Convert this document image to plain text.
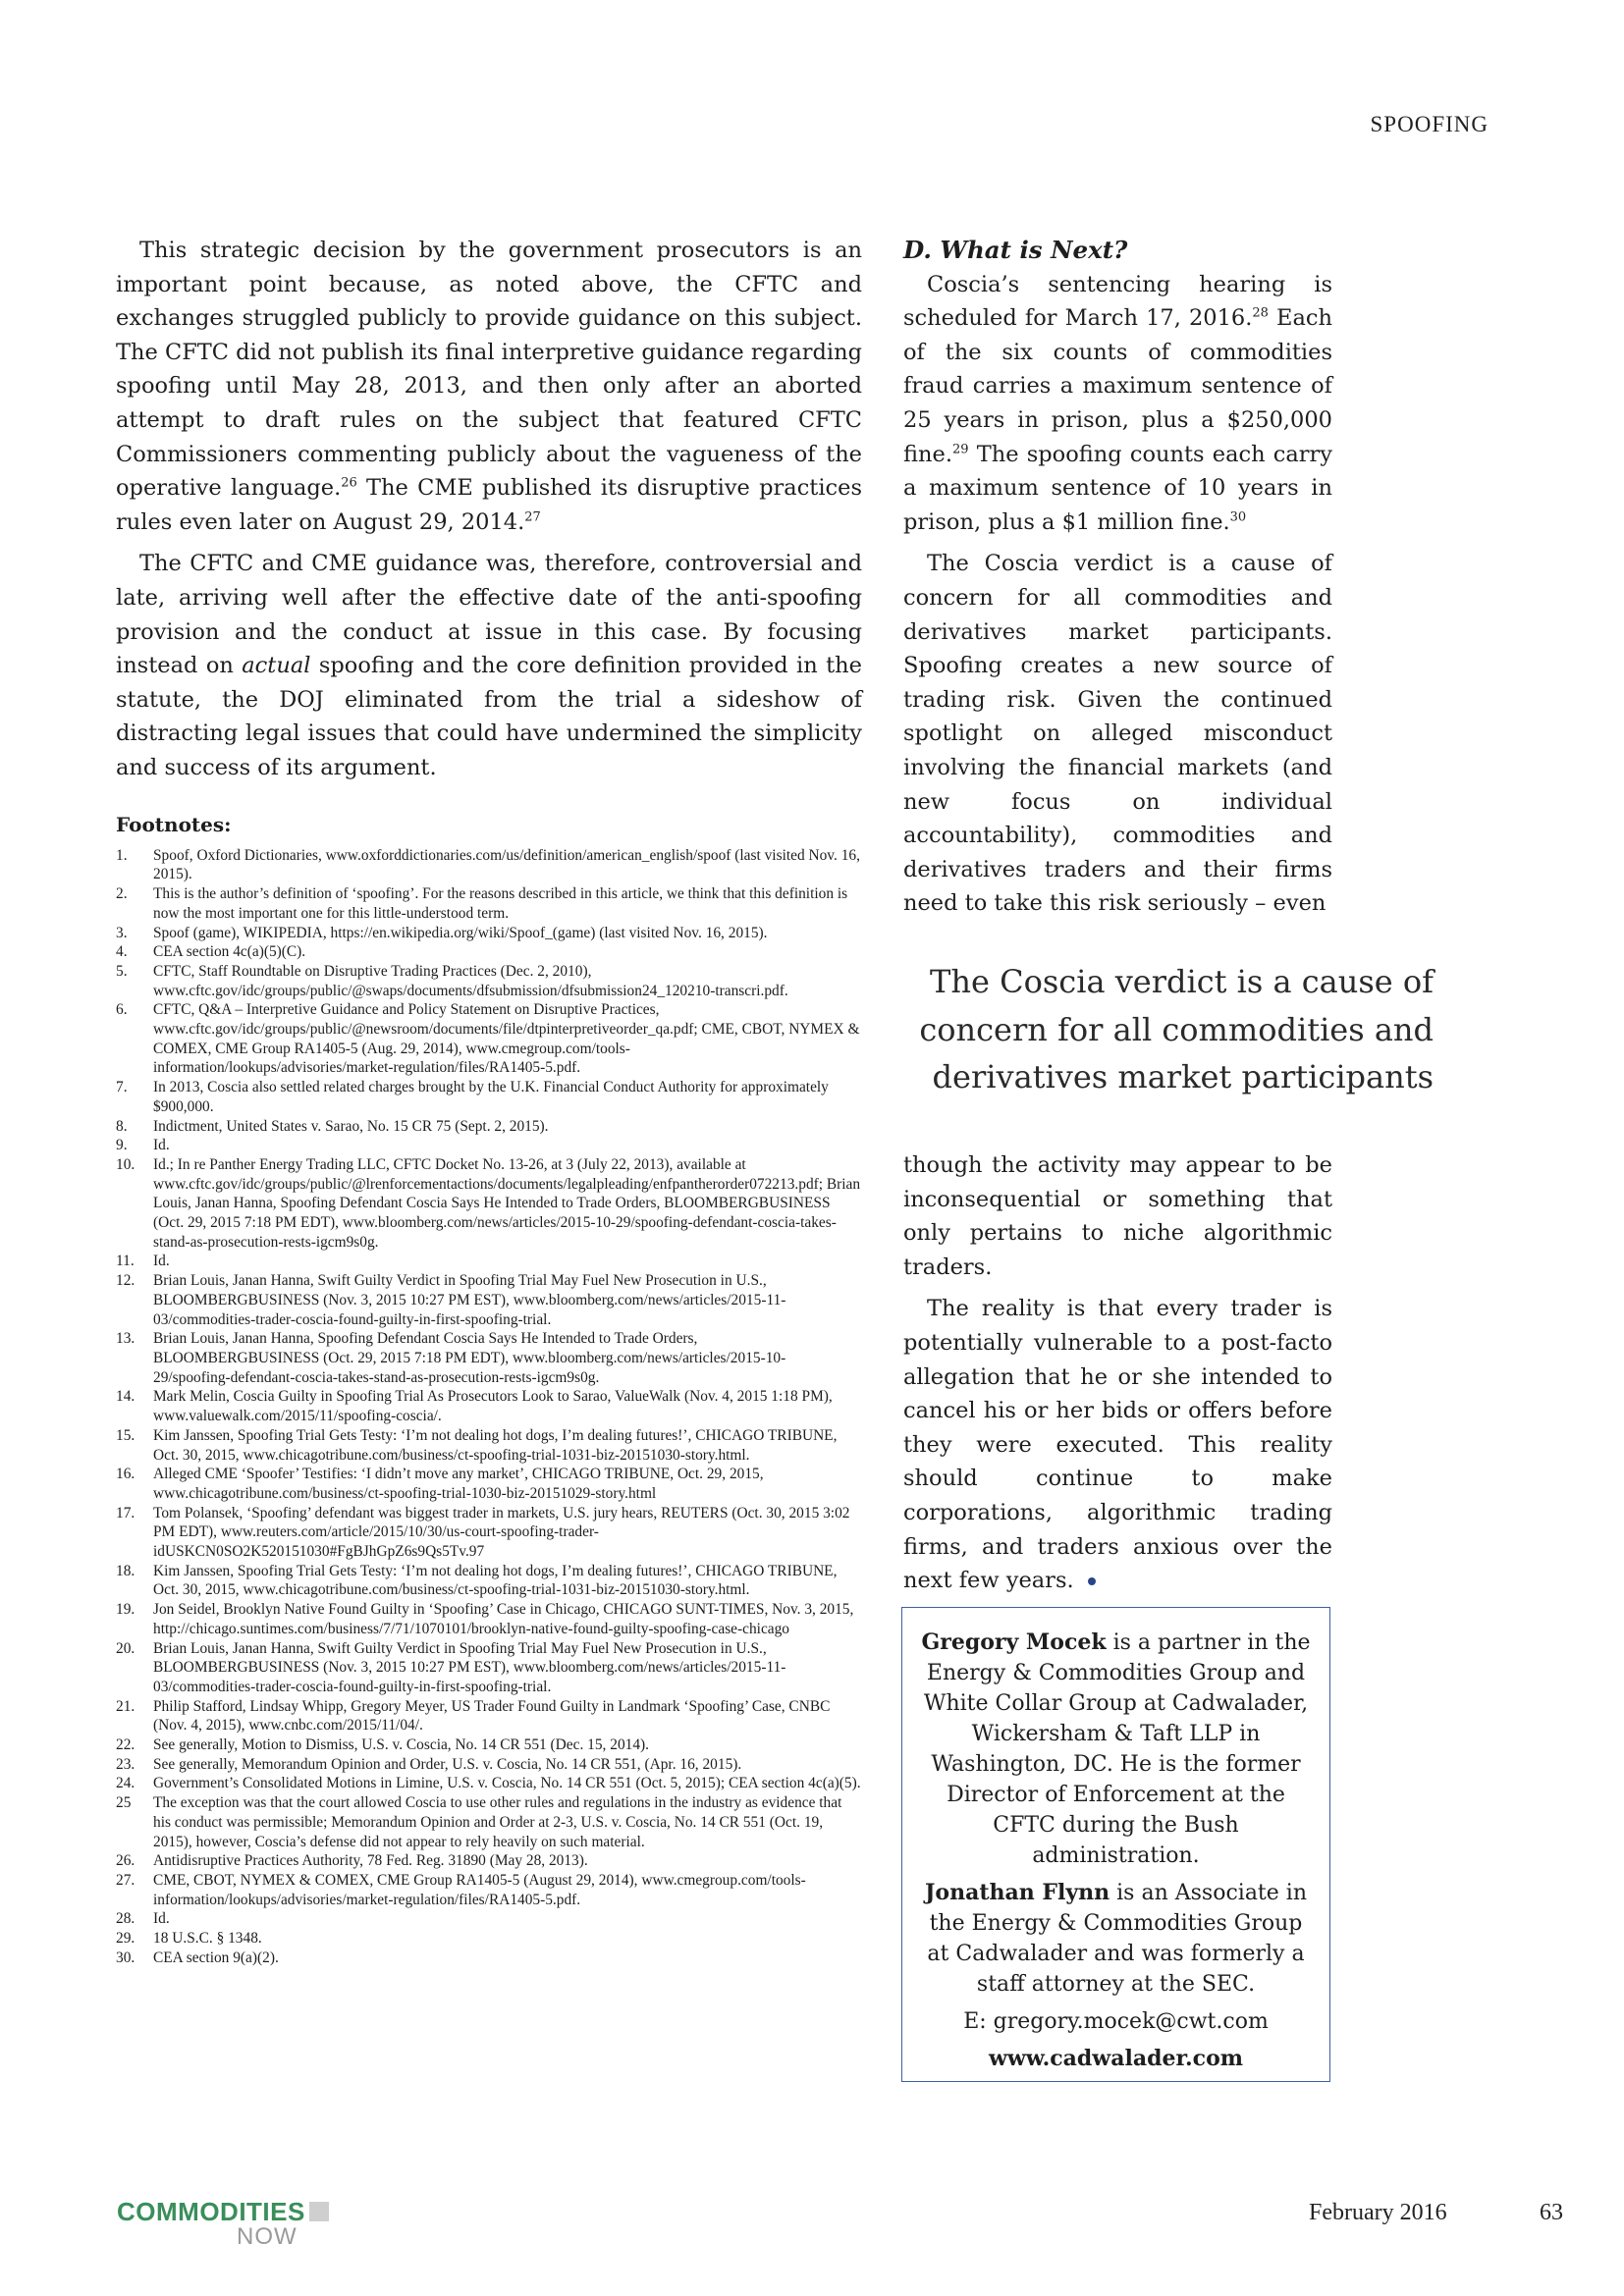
SPOOFING

This strategic decision by the government prosecutors is an important point because, as noted above, the CFTC and exchanges struggled publicly to provide guidance on this subject. The CFTC did not publish its final interpretive guidance regarding spoofing until May 28, 2013, and then only after an aborted attempt to draft rules on the subject that featured CFTC Commissioners commenting publicly about the vagueness of the operative language.$^{26}$ The CME published its disruptive practices rules even later on August 29, 2014.27

The CFTC and CME guidance was, therefore, controversial and late, arriving well after the effective date of the anti-spoofing provision and the conduct at issue in this case. By focusing instead on actual spoofing and the core definition provided in the statute, the DOJ eliminated from the trial a sideshow of distracting legal issues that could have undermined the simplicity and success of its argument.

Footnotes:
1.	Spoof, Oxford Dictionaries, www.oxforddictionaries.com/us/definition/american_english/spoof (last visited Nov. 16, 2015).
2.	This is the author’s definition of ‘spoofing’. For the reasons described in this article, we think that this definition is now the most important one for this little-understood term.
3.	Spoof (game), WIKIPEDIA, https://en.wikipedia.org/wiki/Spoof_(game) (last visited Nov. 16, 2015).
4.	CEA section 4c(a)(5)(C).
5.	CFTC, Staff Roundtable on Disruptive Trading Practices (Dec. 2, 2010), www.cftc.gov/idc/groups/public/@swaps/documents/dfsubmission/dfsubmission24_120210-transcri.pdf.
6.	CFTC, Q&A – Interpretive Guidance and Policy Statement on Disruptive Practices, www.cftc.gov/idc/groups/public/@newsroom/documents/file/dtpinterpretiveorder_qa.pdf; CME, CBOT, NYMEX & COMEX, CME Group RA1405-5 (Aug. 29, 2014), www.cmegroup.com/tools-information/lookups/advisories/market-regulation/files/RA1405-5.pdf.
7.	In 2013, Coscia also settled related charges brought by the U.K. Financial Conduct Authority for approximately $900,000.
8.	Indictment, United States v. Sarao, No. 15 CR 75 (Sept. 2, 2015).
9.	Id.
10.	Id.; In re Panther Energy Trading LLC, CFTC Docket No. 13-26, at 3 (July 22, 2013), available at www.cftc.gov/idc/groups/public/@lrenforcementactions/documents/legalpleading/enfpantherorder072213.pdf; Brian Louis, Janan Hanna, Spoofing Defendant Coscia Says He Intended to Trade Orders, BLOOMBERGBUSINESS (Oct. 29, 2015 7:18 PM EDT), www.bloomberg.com/news/articles/2015-10-29/spoofing-defendant-coscia-takes-stand-as-prosecution-rests-igcm9s0g.
11.	Id.
12.	Brian Louis, Janan Hanna, Swift Guilty Verdict in Spoofing Trial May Fuel New Prosecution in U.S., BLOOMBERGBUSINESS (Nov. 3, 2015 10:27 PM EST), www.bloomberg.com/news/articles/2015-11-03/commodities-trader-coscia-found-guilty-in-first-spoofing-trial.
13.	Brian Louis, Janan Hanna, Spoofing Defendant Coscia Says He Intended to Trade Orders, BLOOMBERGBUSINESS (Oct. 29, 2015 7:18 PM EDT), www.bloomberg.com/news/articles/2015-10-29/spoofing-defendant-coscia-takes-stand-as-prosecution-rests-igcm9s0g.
14.	Mark Melin, Coscia Guilty in Spoofing Trial As Prosecutors Look to Sarao, ValueWalk (Nov. 4, 2015 1:18 PM), www.valuewalk.com/2015/11/spoofing-coscia/.
15.	Kim Janssen, Spoofing Trial Gets Testy: ‘I’m not dealing hot dogs, I’m dealing futures!’, CHICAGO TRIBUNE, Oct. 30, 2015, www.chicagotribune.com/business/ct-spoofing-trial-1031-biz-20151030-story.html.
16.	Alleged CME ‘Spoofer’ Testifies: ‘I didn’t move any market’, CHICAGO TRIBUNE, Oct. 29, 2015, www.chicagotribune.com/business/ct-spoofing-trial-1030-biz-20151029-story.html
17.	Tom Polansek, ‘Spoofing’ defendant was biggest trader in markets, U.S. jury hears, REUTERS (Oct. 30, 2015 3:02 PM EDT), www.reuters.com/article/2015/10/30/us-court-spoofing-trader-idUSKCN0SO2K520151030#FgBJhGpZ6s9Qs5Tv.97
18.	Kim Janssen, Spoofing Trial Gets Testy: ‘I’m not dealing hot dogs, I’m dealing futures!’, CHICAGO TRIBUNE, Oct. 30, 2015, www.chicagotribune.com/business/ct-spoofing-trial-1031-biz-20151030-story.html.
19.	Jon Seidel, Brooklyn Native Found Guilty in ‘Spoofing’ Case in Chicago, CHICAGO SUNT-TIMES, Nov. 3, 2015, http://chicago.suntimes.com/business/7/71/1070101/brooklyn-native-found-guilty-spoofing-case-chicago
20.	Brian Louis, Janan Hanna, Swift Guilty Verdict in Spoofing Trial May Fuel New Prosecution in U.S., BLOOMBERGBUSINESS (Nov. 3, 2015 10:27 PM EST), www.bloomberg.com/news/articles/2015-11-03/commodities-trader-coscia-found-guilty-in-first-spoofing-trial.
21.	Philip Stafford, Lindsay Whipp, Gregory Meyer, US Trader Found Guilty in Landmark ‘Spoofing’ Case, CNBC (Nov. 4, 2015), www.cnbc.com/2015/11/04/.
22.	See generally, Motion to Dismiss, U.S. v. Coscia, No. 14 CR 551 (Dec. 15, 2014).
23.	See generally, Memorandum Opinion and Order, U.S. v. Coscia, No. 14 CR 551, (Apr. 16, 2015).
24.	Government’s Consolidated Motions in Limine, U.S. v. Coscia, No. 14 CR 551 (Oct. 5, 2015); CEA section 4c(a)(5).
25	The exception was that the court allowed Coscia to use other rules and regulations in the industry as evidence that his conduct was permissible; Memorandum Opinion and Order at 2-3, U.S. v. Coscia, No. 14 CR 551 (Oct. 19, 2015), however, Coscia’s defense did not appear to rely heavily on such material.
26.	Antidisruptive Practices Authority, 78 Fed. Reg. 31890 (May 28, 2013).
27.	CME, CBOT, NYMEX & COMEX, CME Group RA1405-5 (August 29, 2014), www.cmegroup.com/tools-information/lookups/advisories/market-regulation/files/RA1405-5.pdf.
28.	Id.
29.	18 U.S.C. § 1348.
30.	CEA section 9(a)(2).
D. What is Next?

Coscia’s sentencing hearing is scheduled for March 17, 2016.28 Each of the six counts of commodities fraud carries a maximum sentence of 25 years in prison, plus a $250,000 fine.$^{29}$ The spoofing counts each carry a maximum sentence of 10 years in prison, plus a $1 million fine.$^{30}$

The Coscia verdict is a cause of concern for all commodities and derivatives market participants. Spoofing creates a new source of trading risk. Given the continued spotlight on alleged misconduct involving the financial markets (and new focus on individual accountability), commodities and derivatives traders and their firms need to take this risk seriously – even

The Coscia verdict is a cause of
concern for all commodities and
derivatives market participants

though the activity may appear to be inconsequential or something that only pertains to niche algorithmic traders.

The reality is that every trader is potentially vulnerable to a post-facto allegation that he or she intended to cancel his or her bids or offers before they were executed. This reality should continue to make corporations, algorithmic trading firms, and traders anxious over the next few years.

Gregory Mocek is a partner in the Energy & Commodities Group and White Collar Group at Cadwalader, Wickersham & Taft LLP in Washington, DC. He is the former Director of Enforcement at the CFTC during the Bush administration.

Jonathan Flynn is an Associate in the Energy & Commodities Group at Cadwalader and was formerly a staff attorney at the SEC.

E: gregory.mocek@cwt.com

www.cadwalader.com

COMMODITIES
NOW
February 2016	63
